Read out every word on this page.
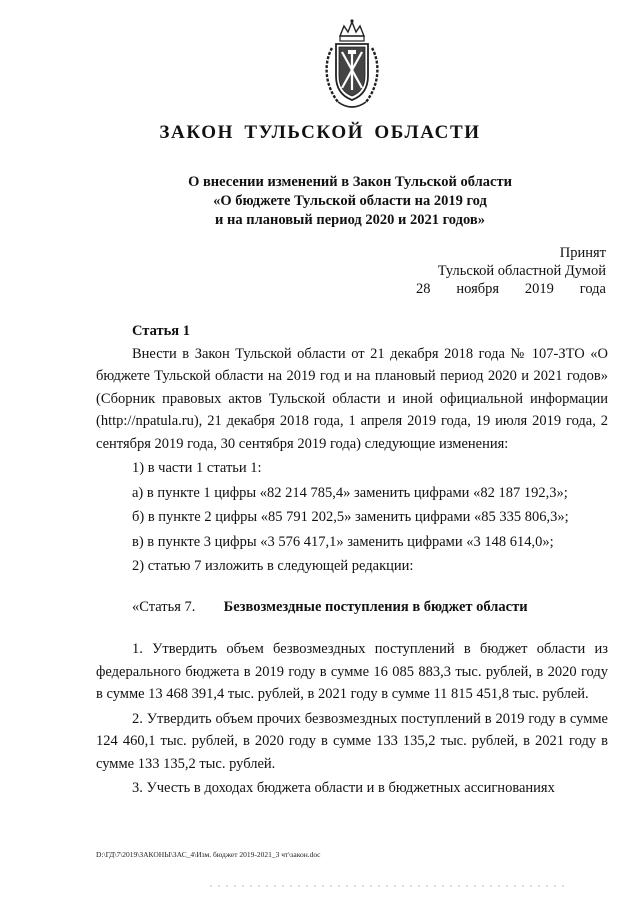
ЗАКОН ТУЛЬСКОЙ ОБЛАСТИ
О внесении изменений в Закон Тульской области
«О бюджете Тульской области на 2019 год
и на плановый период 2020 и 2021 годов»
Принят
Тульской областной Думой
28 ноября 2019 года

Статья 1

Внести в Закон Тульской области от 21 декабря 2018 года № 107-ЗТО «О бюджете Тульской области на 2019 год и на плановый период 2020 и 2021 годов» (Сборник правовых актов Тульской области и иной официальной информации (http://npatula.ru), 21 декабря 2018 года, 1 апреля 2019 года, 19 июля 2019 года, 2 сентября 2019 года, 30 сентября 2019 года) следующие изменения:

1) в части 1 статьи 1:

а) в пункте 1 цифры «82 214 785,4» заменить цифрами «82 187 192,3»;

б) в пункте 2 цифры «85 791 202,5» заменить цифрами «85 335 806,3»;

в) в пункте 3 цифры «3 576 417,1» заменить цифрами «3 148 614,0»;

2) статью 7 изложить в следующей редакции:

«Статья 7. Безвозмездные поступления в бюджет области

1. Утвердить объем безвозмездных поступлений в бюджет области из федерального бюджета в 2019 году в сумме 16 085 883,3 тыс. рублей, в 2020 году в сумме 13 468 391,4 тыс. рублей, в 2021 году в сумме 11 815 451,8 тыс. рублей.

2. Утвердить объем прочих безвозмездных поступлений в 2019 году в сумме 124 460,1 тыс. рублей, в 2020 году в сумме 133 135,2 тыс. рублей, в 2021 году в сумме 133 135,2 тыс. рублей.

3. Учесть в доходах бюджета области и в бюджетных ассигнованиях

D:\ГД\7\2019\ЗАКОНЫ\ЗАС_4\Изм. бюджет 2019-2021_3 чт\закон.doc
